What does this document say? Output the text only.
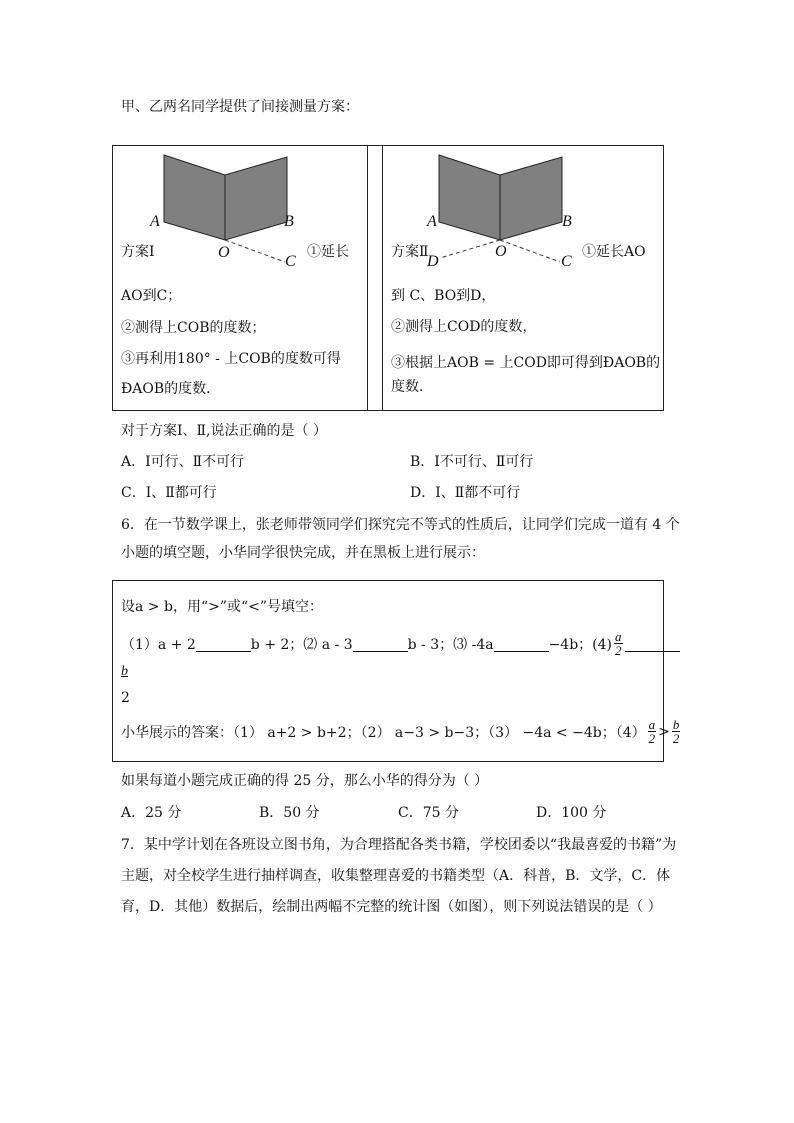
甲、乙两名同学提供了间接测量方案：
A	B
O
C
方案Ⅰ	①延长
AO到C；
②测得上COB的度数；
③再利用180° - 上COB的度数可得
ĐAOB的度数．
A	B
O
C
D
方案Ⅱ	①延长AO
到 C、BO到D，
②测得上COD的度数，
③根据上AOB = 上COD即可得到ĐAOB的
度数．
对于方案Ⅰ、Ⅱ,说法正确的是（ ）
A．Ⅰ可行、Ⅱ不可行	B．Ⅰ不可行、Ⅱ可行
C．Ⅰ、Ⅱ都可行	D．Ⅰ、Ⅱ都不可行
6．在一节数学课上，张老师带领同学们探究完不等式的性质后，让同学们完成一道有 4 个
小题的填空题，小华同学很快完成，并在黑板上进行展示：
设a > b，用“>”或“<”号填空：
（1）a + 2
	b + 2；⑵ a - 3
	b - 3；⑶ -4a
	−4b；$(4) \frac{a}{2}$

b
2
小华展示的答案：（1） a+2 > b+2；（2） a−3 > b−3；（3） −4a < −4b；$(4) \frac{a}{2} > \frac{b}{2}$
如果每道小题完成正确的得 25 分，那么小华的得分为（ ）
A．25 分	B．50 分	C．75 分	D．100 分
7．某中学计划在各班设立图书角，为合理搭配各类书籍，学校团委以“我最喜爱的书籍”为
主题，对全校学生进行抽样调查，收集整理喜爱的书籍类型（A．科普，B．文学，C．体
育，D．其他）数据后，绘制出两幅不完整的统计图（如图），则下列说法错误的是（ ）
